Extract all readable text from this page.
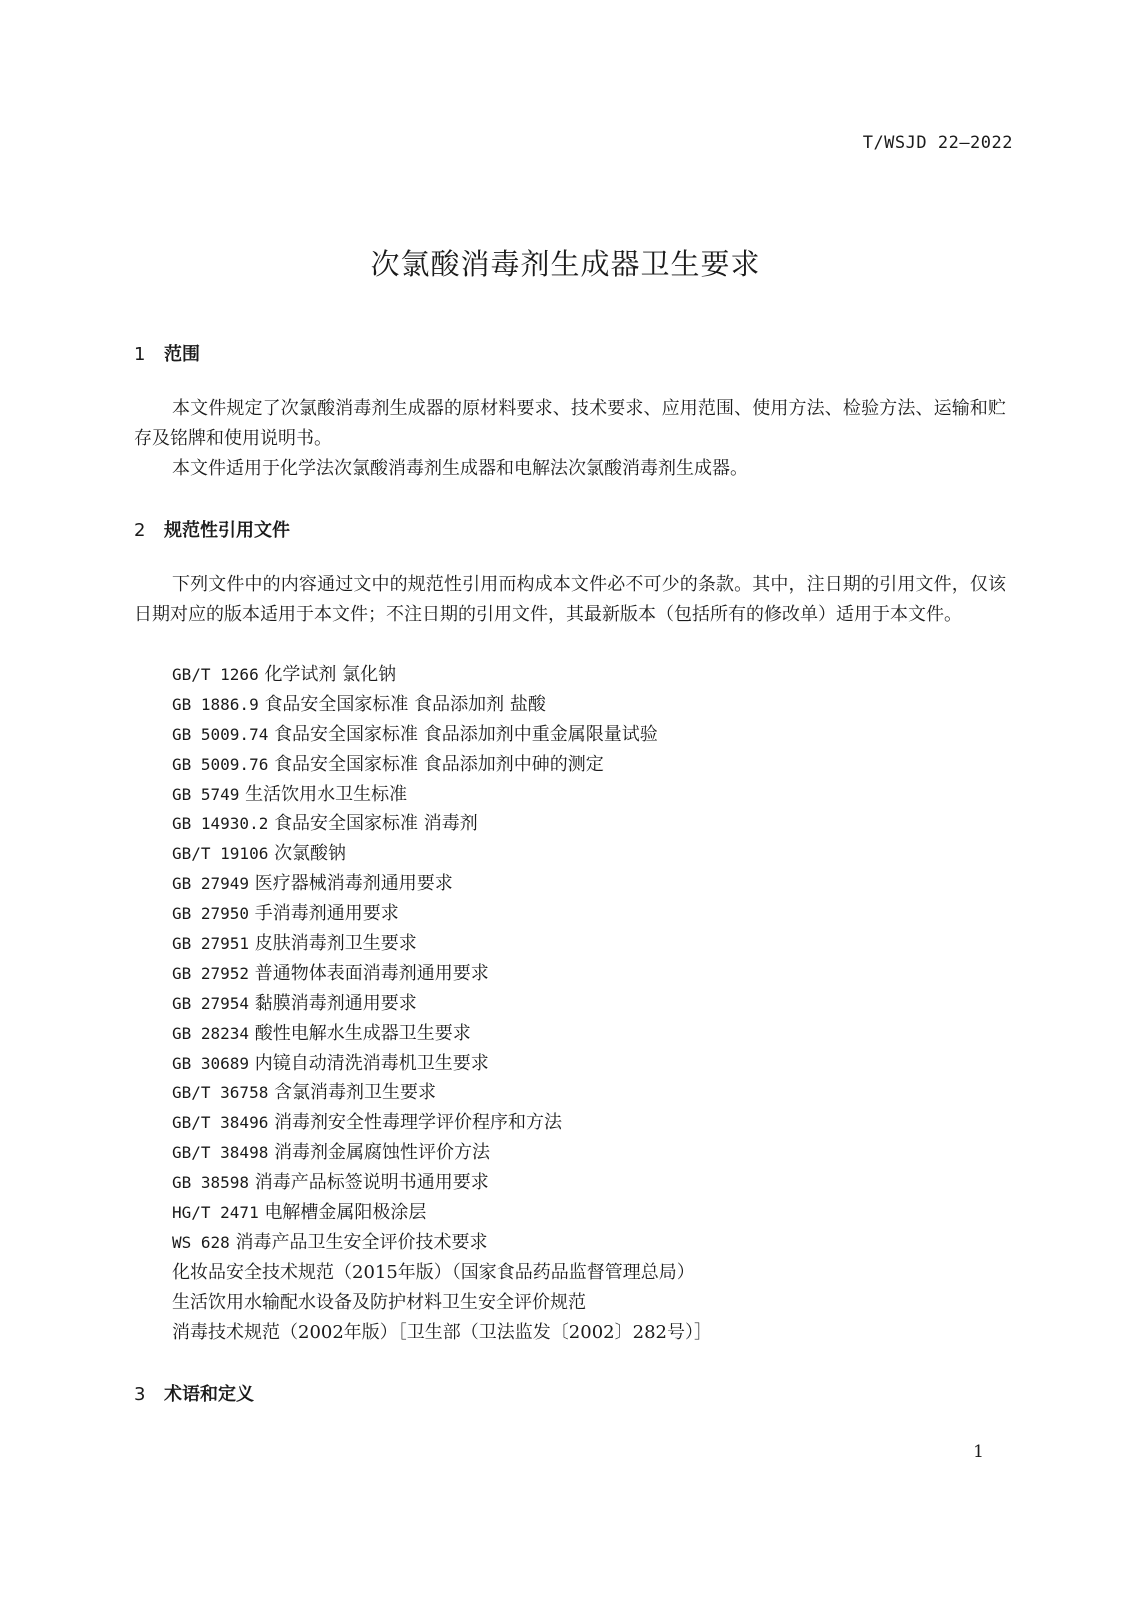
T/WSJD 22—2022
次氯酸消毒剂生成器卫生要求
1 范围

本文件规定了次氯酸消毒剂生成器的原材料要求、技术要求、应用范围、使用方法、检验方法、运输和贮存及铭牌和使用说明书。

本文件适用于化学法次氯酸消毒剂生成器和电解法次氯酸消毒剂生成器。

2 规范性引用文件

下列文件中的内容通过文中的规范性引用而构成本文件必不可少的条款。其中，注日期的引用文件，仅该日期对应的版本适用于本文件；不注日期的引用文件，其最新版本（包括所有的修改单）适用于本文件。

GB/T 1266 化学试剂 氯化钠
GB 1886.9 食品安全国家标准 食品添加剂 盐酸
GB 5009.74 食品安全国家标准 食品添加剂中重金属限量试验
GB 5009.76 食品安全国家标准 食品添加剂中砷的测定
GB 5749 生活饮用水卫生标准
GB 14930.2 食品安全国家标准 消毒剂
GB/T 19106 次氯酸钠
GB 27949 医疗器械消毒剂通用要求
GB 27950 手消毒剂通用要求
GB 27951 皮肤消毒剂卫生要求
GB 27952 普通物体表面消毒剂通用要求
GB 27954 黏膜消毒剂通用要求
GB 28234 酸性电解水生成器卫生要求
GB 30689 内镜自动清洗消毒机卫生要求
GB/T 36758 含氯消毒剂卫生要求
GB/T 38496 消毒剂安全性毒理学评价程序和方法
GB/T 38498 消毒剂金属腐蚀性评价方法
GB 38598 消毒产品标签说明书通用要求
HG/T 2471 电解槽金属阳极涂层
WS 628 消毒产品卫生安全评价技术要求
化妆品安全技术规范（2015年版）（国家食品药品监督管理总局）
生活饮用水输配水设备及防护材料卫生安全评价规范
消毒技术规范（2002年版）［卫生部（卫法监发〔2002〕282号）］
3 术语和定义
1
